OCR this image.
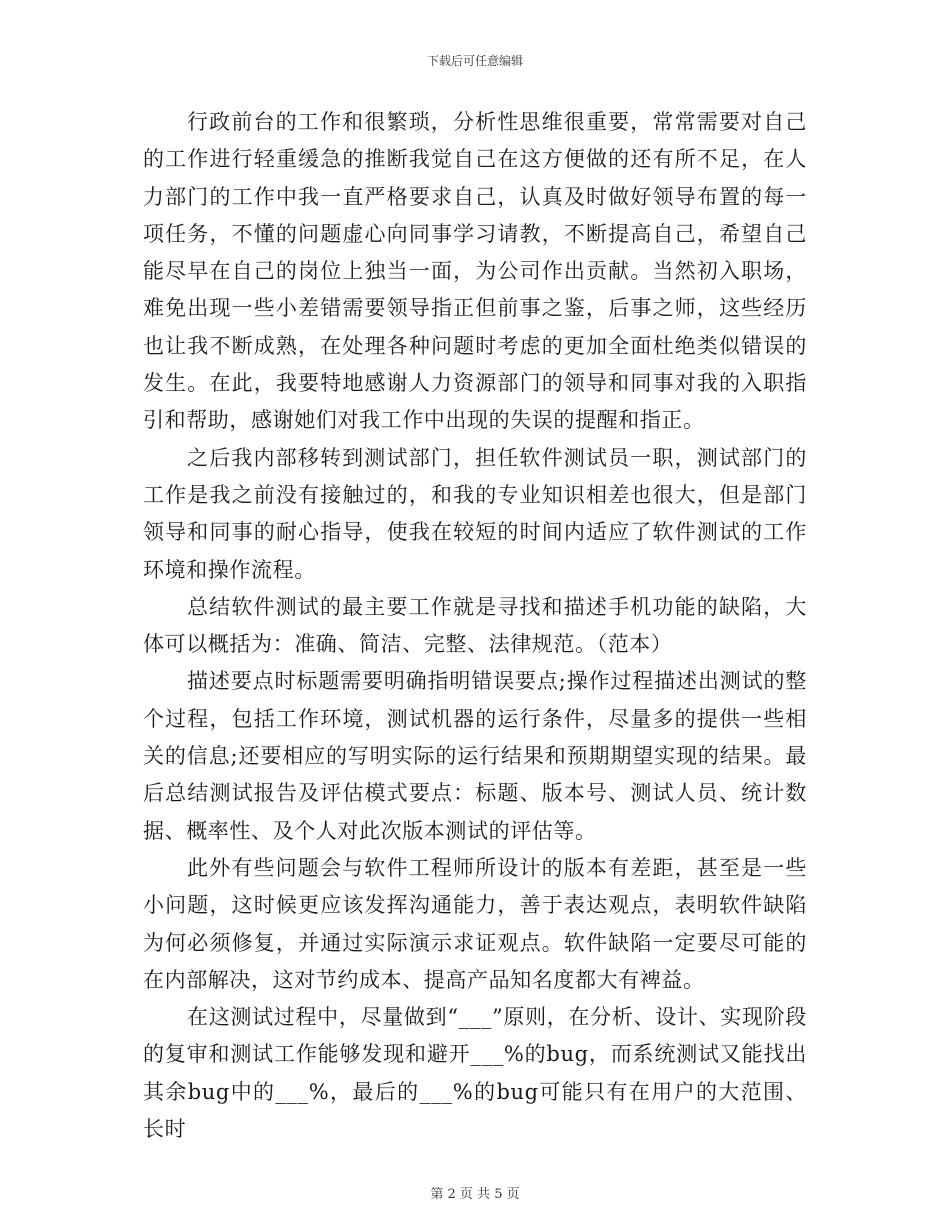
下载后可任意编辑

行政前台的工作和很繁琐，分析性思维很重要，常常需要对自己的工作进行轻重缓急的推断我觉自己在这方便做的还有所不足，在人力部门的工作中我一直严格要求自己，认真及时做好领导布置的每一项任务，不懂的问题虚心向同事学习请教，不断提高自己，希望自己能尽早在自己的岗位上独当一面，为公司作出贡献。当然初入职场，难免出现一些小差错需要领导指正但前事之鉴，后事之师，这些经历也让我不断成熟，在处理各种问题时考虑的更加全面杜绝类似错误的发生。在此，我要特地感谢人力资源部门的领导和同事对我的入职指引和帮助，感谢她们对我工作中出现的失误的提醒和指正。

之后我内部移转到测试部门，担任软件测试员一职，测试部门的工作是我之前没有接触过的，和我的专业知识相差也很大，但是部门领导和同事的耐心指导，使我在较短的时间内适应了软件测试的工作环境和操作流程。

总结软件测试的最主要工作就是寻找和描述手机功能的缺陷，大体可以概括为：准确、简洁、完整、法律规范。（范本）

描述要点时标题需要明确指明错误要点;操作过程描述出测试的整个过程，包括工作环境，测试机器的运行条件，尽量多的提供一些相关的信息;还要相应的写明实际的运行结果和预期期望实现的结果。最后总结测试报告及评估模式要点：标题、版本号、测试人员、统计数据、概率性、及个人对此次版本测试的评估等。

此外有些问题会与软件工程师所设计的版本有差距，甚至是一些小问题，这时候更应该发挥沟通能力，善于表达观点，表明软件缺陷为何必须修复，并通过实际演示求证观点。软件缺陷一定要尽可能的在内部解决，这对节约成本、提高产品知名度都大有裨益。

在这测试过程中，尽量做到“___”原则，在分析、设计、实现阶段的复审和测试工作能够发现和避开___%的bug，而系统测试又能找出其余bug中的___%，最后的___%的bug可能只有在用户的大范围、长时

第 2 页 共 5 页
